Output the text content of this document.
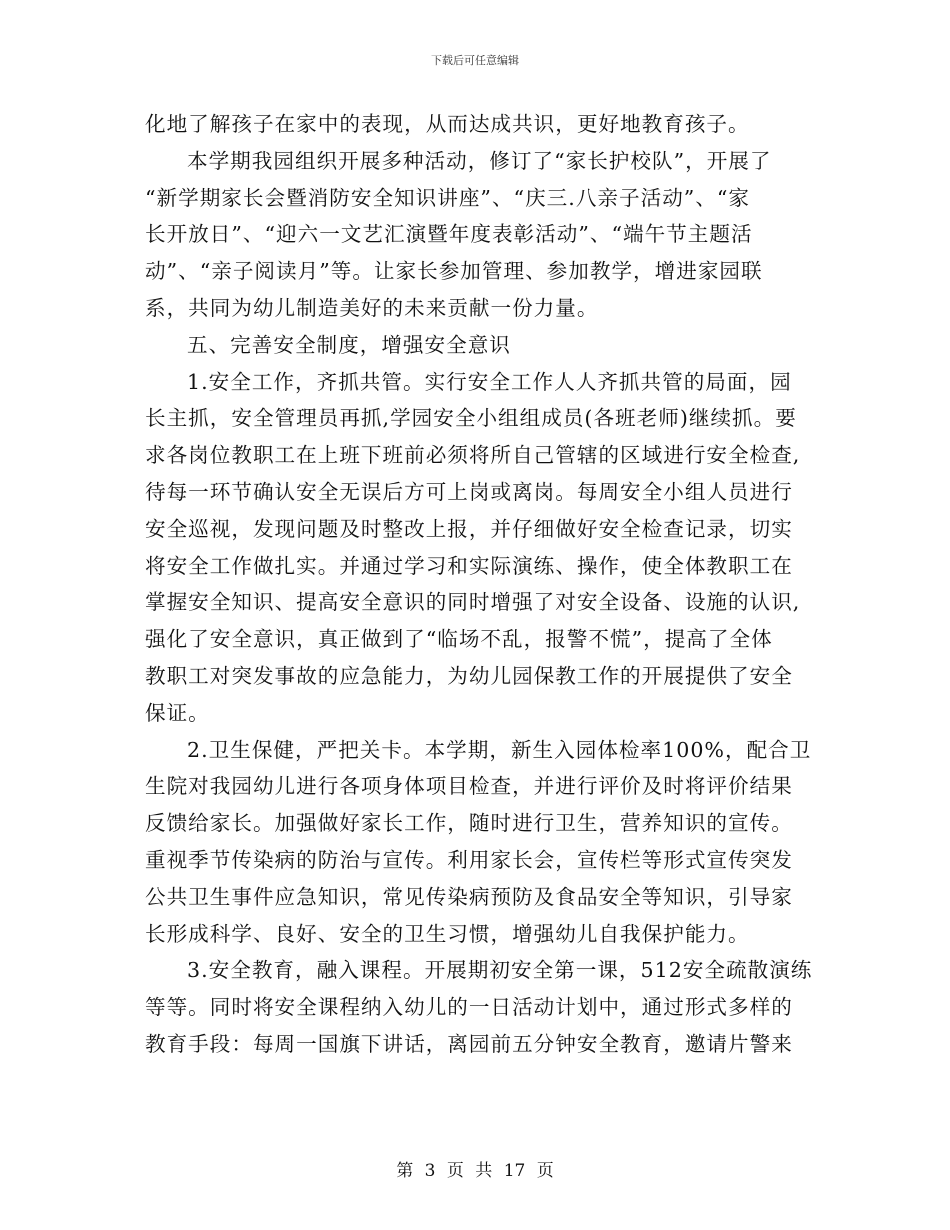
下载后可任意编辑
化地了解孩子在家中的表现，从而达成共识，更好地教育孩子。
本学期我园组织开展多种活动，修订了“家长护校队”，开展了
“新学期家长会暨消防安全知识讲座”、“庆三.八亲子活动”、“家
长开放日”、“迎六一文艺汇演暨年度表彰活动”、“端午节主题活
动”、“亲子阅读月”等。让家长参加管理、参加教学，增进家园联
系，共同为幼儿制造美好的未来贡献一份力量。
五、完善安全制度，增强安全意识
1.安全工作，齐抓共管。实行安全工作人人齐抓共管的局面，园
长主抓，安全管理员再抓,学园安全小组组成员(各班老师)继续抓。要
求各岗位教职工在上班下班前必须将所自己管辖的区域进行安全检查,
待每一环节确认安全无误后方可上岗或离岗。每周安全小组人员进行
安全巡视，发现问题及时整改上报，并仔细做好安全检查记录，切实
将安全工作做扎实。并通过学习和实际演练、操作，使全体教职工在
掌握安全知识、提高安全意识的同时增强了对安全设备、设施的认识,
强化了安全意识，真正做到了“临场不乱，报警不慌”，提高了全体
教职工对突发事故的应急能力，为幼儿园保教工作的开展提供了安全
保证。
2.卫生保健，严把关卡。本学期，新生入园体检率100%，配合卫
生院对我园幼儿进行各项身体项目检查，并进行评价及时将评价结果
反馈给家长。加强做好家长工作，随时进行卫生，营养知识的宣传。
重视季节传染病的防治与宣传。利用家长会，宣传栏等形式宣传突发
公共卫生事件应急知识，常见传染病预防及食品安全等知识，引导家
长形成科学、良好、安全的卫生习惯，增强幼儿自我保护能力。
3.安全教育，融入课程。开展期初安全第一课，512安全疏散演练
等等。同时将安全课程纳入幼儿的一日活动计划中，通过形式多样的
教育手段：每周一国旗下讲话，离园前五分钟安全教育，邀请片警来
第 3 页 共 17 页
